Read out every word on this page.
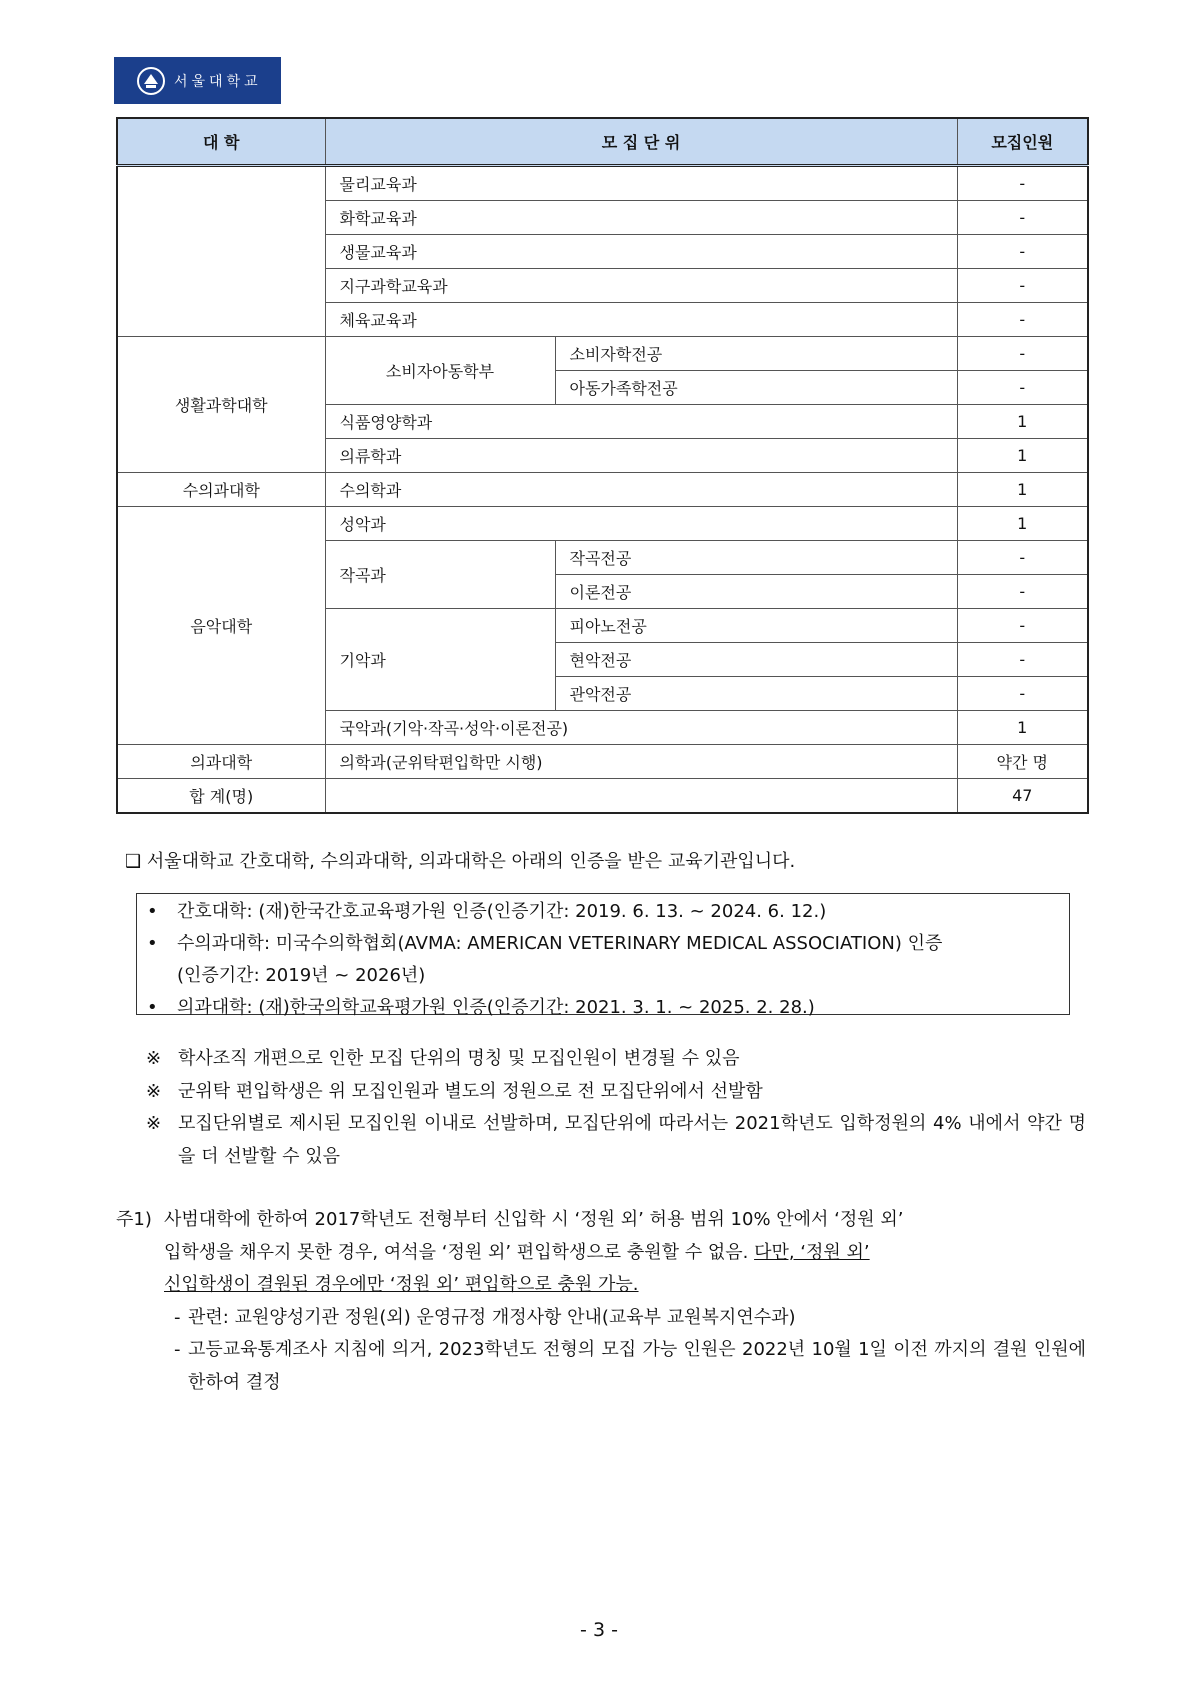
서울대학교
대 학	모 집 단 위		모집인원
	물리교육과		-
	화학교육과		-
	생물교육과		-
	지구과학교육과		-
	체육교육과		-
생활과학대학	소비자아동학부	소비자학전공	-
		아동가족학전공	-
	식품영양학과		1
	의류학과		1
수의과대학	수의학과		1
음악대학	성악과		1
	작곡과	작곡전공	-
		이론전공	-
	기악과	피아노전공	-
		현악전공	-
		관악전공	-
	국악과(기악·작곡·성악·이론전공)		1
의과대학	의학과(군위탁편입학만 시행)		약간 명
합 계(명)			47
❑ 서울대학교 간호대학, 수의과대학, 의과대학은 아래의 인증을 받은 교육기관입니다.
• 간호대학: (재)한국간호교육평가원 인증(인증기간: 2019. 6. 13. ~ 2024. 6. 12.)
• 수의과대학: 미국수의학협회(AVMA: AMERICAN VETERINARY MEDICAL ASSOCIATION) 인증
(인증기간: 2019년 ~ 2026년)
• 의과대학: (재)한국의학교육평가원 인증(인증기간: 2021. 3. 1. ~ 2025. 2. 28.)
※ 학사조직 개편으로 인한 모집 단위의 명칭 및 모집인원이 변경될 수 있음
※ 군위탁 편입학생은 위 모집인원과 별도의 정원으로 전 모집단위에서 선발함
※ 모집단위별로 제시된 모집인원 이내로 선발하며, 모집단위에 따라서는 2021학년도 입학정원의 4% 내에서 약간 명을 더 선발할 수 있음
주1) 사범대학에 한하여 2017학년도 전형부터 신입학 시 ‘정원 외’ 허용 범위 10% 안에서 ‘정원 외’
입학생을 채우지 못한 경우, 여석을 ‘정원 외’ 편입학생으로 충원할 수 없음. 다만, ‘정원 외’
신입학생이 결원된 경우에만 ‘정원 외’ 편입학으로 충원 가능.
- 관련: 교원양성기관 정원(외) 운영규정 개정사항 안내(교육부 교원복지연수과)
- 고등교육통계조사 지침에 의거, 2023학년도 전형의 모집 가능 인원은 2022년 10월 1일 이전 까지의 결원 인원에 한하여 결정
- 3 -
